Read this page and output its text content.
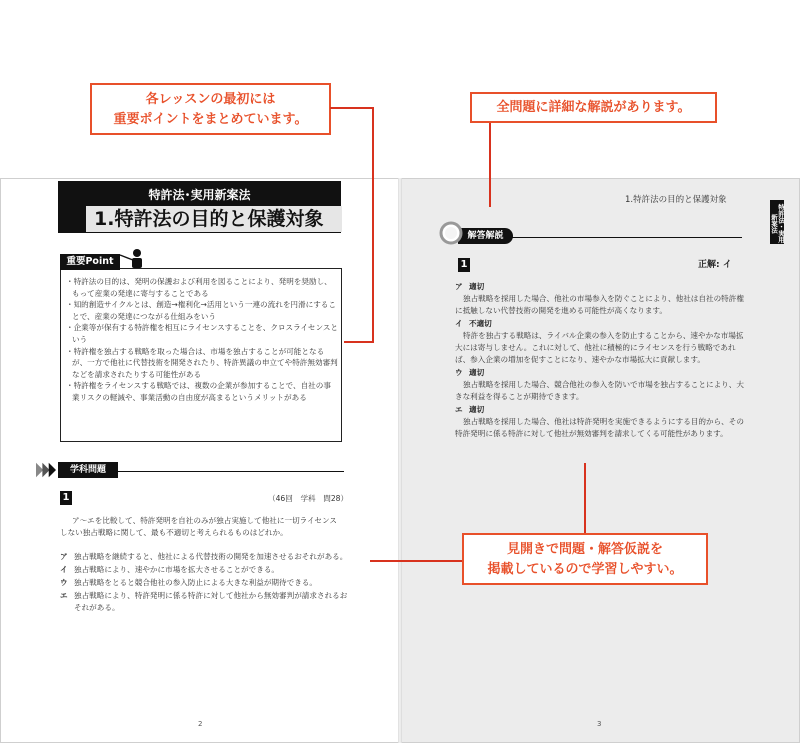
各レッスンの最初には
重要ポイントをまとめています。
全問題に詳細な解説があります。
見開きで問題・解答仮説を
掲載しているので学習しやすい。
特許法･実用新案法
1.特許法の目的と保護対象
重要Point
・ 特許法の目的は、発明の保護および利用を図ることにより、発明を奨励し、もって産業の発達に寄与することである
・ 知的創造サイクルとは、創造→権利化→活用という一連の流れを円滑にすることで、産業の発達につながる仕組みをいう
・ 企業等が保有する特許権を相互にライセンスすることを、クロスライセンスという
・ 特許権を独占する戦略を取った場合は、市場を独占することが可能となるが、一方で他社に代替技術を開発されたり、特許異議の申立てや特許無効審判などを請求されたりする可能性がある
・ 特許権をライセンスする戦略では、複数の企業が参加することで、自社の事業リスクの軽減や、事業活動の自由度が高まるというメリットがある
学科問題
1	（46回　学科　問28）
ア～エを比較して、特許発明を自社のみが独占実施して他社に一切ライセンスしない独占戦略に関して、最も不適切と考えられるものはどれか。
ア 独占戦略を継続すると、他社による代替技術の開発を加速させるおそれがある。
イ 独占戦略により、速やかに市場を拡大させることができる。
ウ 独占戦略をとると競合他社の参入防止による大きな利益が期待できる。
エ 独占戦略により、特許発明に係る特許に対して他社から無効審判が請求されるおそれがある。
2
1.特許法の目的と保護対象
特許法・実用新案法
解答解説
1	正解: イ
ア 適切

独占戦略を採用した場合、他社の市場参入を防ぐことにより、他社は自社の特許権に抵触しない代替技術の開発を進める可能性が高くなります。

イ 不適切

特許を独占する戦略は、ライバル企業の参入を防止することから、速やかな市場拡大には寄与しません。これに対して、他社に積極的にライセンスを行う戦略であれば、参入企業の増加を促すことになり、速やかな市場拡大に貢献します。

ウ 適切

独占戦略を採用した場合、競合他社の参入を防いで市場を独占することにより、大きな利益を得ることが期待できます。

エ 適切

独占戦略を採用した場合、他社は特許発明を実施できるようにする目的から、その特許発明に係る特許に対して他社が無効審判を請求してくる可能性があります。

3
